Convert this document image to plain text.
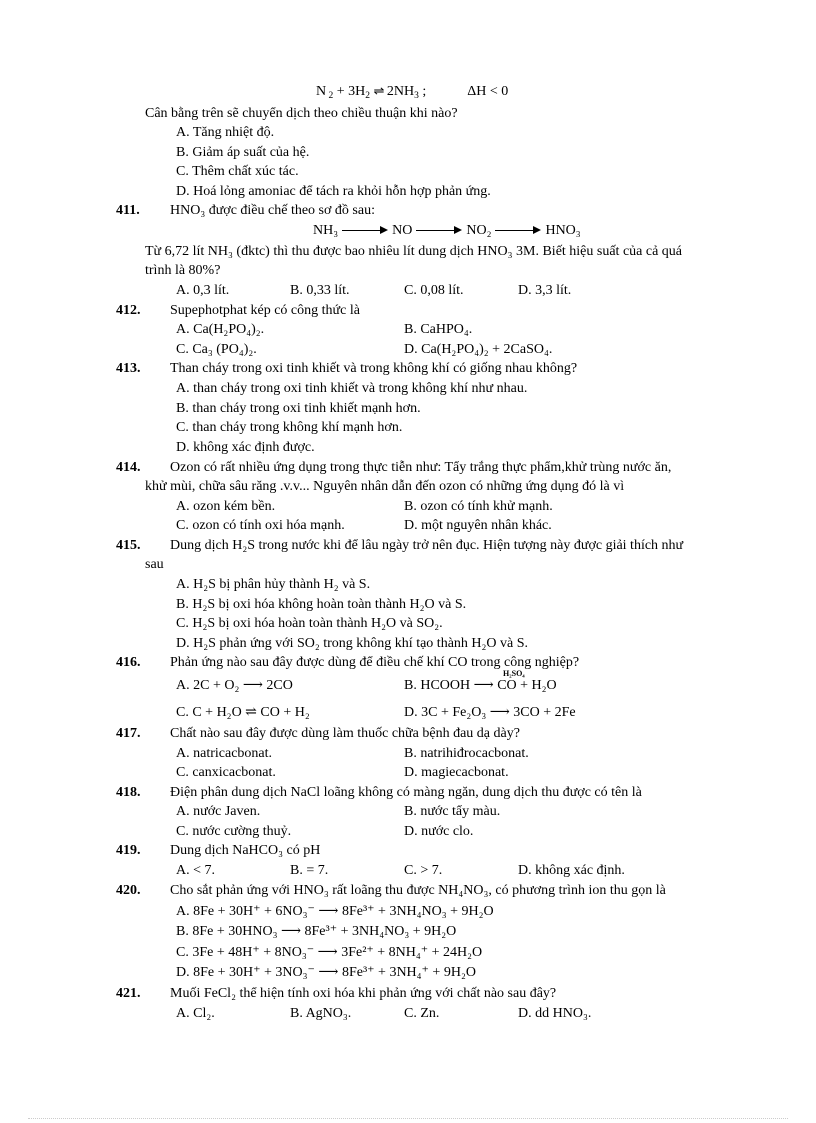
N $_2 + 3H_2$ ⇌ $2NH_3$ ;	ΔH < 0
Cân bằng trên sẽ chuyển dịch theo chiều thuận khi nào?
A. Tăng nhiệt độ.
B. Giảm áp suất của hệ.
C. Thêm chất xúc tác.
D. Hoá lỏng amoniac để tách ra khỏi hỗn hợp phản ứng.
411. HNO₃ được điều chế theo sơ đồ sau:
NH₃	NO	NO₂	HNO₃
Từ 6,72 lít NH₃ (đktc) thì thu được bao nhiêu lít dung dịch HNO₃ 3M. Biết hiệu suất của cả quá
trình là 80%?
A. 0,3 lít.	B. 0,33 lít.	C. 0,08 lít.	D. 3,3 lít.
412. Supephotphat kép có công thức là
A. Ca(H₂PO₄)₂.	B. CaHPO₄.
C. Ca₃ (PO₄)₂.	D. Ca(H₂PO₄)₂ + 2CaSO₄.
413. Than cháy trong oxi tinh khiết và trong không khí có giống nhau không?
A. than cháy trong oxi tinh khiết và trong không khí như nhau.
B. than cháy trong oxi tinh khiết mạnh hơn.
C. than cháy trong không khí mạnh hơn.
D. không xác định được.
414. Ozon có rất nhiều ứng dụng trong thực tiễn như: Tẩy trắng thực phẩm,khử trùng nước ăn,
khử mùi, chữa sâu răng .v.v... Nguyên nhân dẫn đến ozon có những ứng dụng đó là vì
A. ozon kém bền.	B. ozon có tính khử mạnh.
C. ozon có tính oxi hóa mạnh.	D. một nguyên nhân khác.
415. Dung dịch H₂S trong nước khi để lâu ngày trở nên đục. Hiện tượng này được giải thích như
sau
A. H₂S bị phân hủy thành H₂ và S.
B. H₂S bị oxi hóa không hoàn toàn thành H₂O và S.
C. H₂S bị oxi hóa hoàn toàn thành H₂O và SO₂.
D. H₂S phản ứng với SO₂ trong không khí tạo thành H₂O và S.
416. Phản ứng nào sau đây được dùng để điều chế khí CO trong công nghiệp?
A. 2C + O₂ ⟶ 2CO	B. HCOOH ⟶ CO + H₂O
H₂SO₄
C. C + H₂O ⇌ CO + H₂	D. 3C + Fe₂O₃ ⟶ 3CO + 2Fe
417. Chất nào sau đây được dùng làm thuốc chữa bệnh đau dạ dày?
A. natricacbonat.	B. natrihiđrocacbonat.
C. canxicacbonat.	D. magiecacbonat.
418. Điện phân dung dịch NaCl loãng không có màng ngăn, dung dịch thu được có tên là
A. nước Javen.	B. nước tẩy màu.
C. nước cường thuỷ.	D. nước clo.
419. Dung dịch NaHCO₃ có pH
A. < 7.	B. = 7.	C. > 7.	D. không xác định.
420. Cho sắt phản ứng với HNO₃ rất loãng thu được NH₄NO₃, có phương trình ion thu gọn là
A. 8Fe + 30H⁺ + 6NO₃⁻ ⟶ 8Fe³⁺ + 3NH₄NO₃ + 9H₂O
B. 8Fe + 30HNO₃ ⟶ 8Fe³⁺ + 3NH₄NO₃ + 9H₂O
C. 3Fe + 48H⁺ + 8NO₃⁻ ⟶ 3Fe²⁺ + 8NH₄⁺ + 24H₂O
D. 8Fe + 30H⁺ + 3NO₃⁻ ⟶ 8Fe³⁺ + 3NH₄⁺ + 9H₂O
421. Muối FeCl₂ thể hiện tính oxi hóa khi phản ứng với chất nào sau đây?
A. Cl₂.	B. AgNO₃.	C. Zn.	D. dd HNO₃.
